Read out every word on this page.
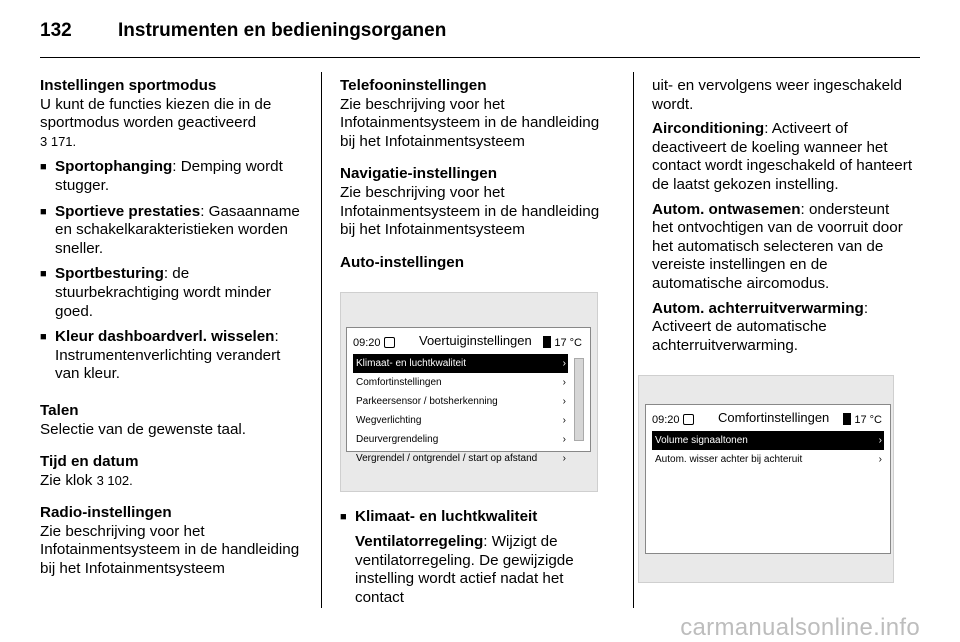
132 Instrumenten en bedieningsorganen
Instellingen sportmodus
U kunt de functies kiezen die in de sportmodus worden geactiveerd
3 171.
■ Sportophanging: Demping wordt stugger.
■ Sportieve prestaties: Gasaanname en schakelkarakteristieken worden sneller.
■ Sportbesturing: de stuurbekrachtiging wordt minder goed.
■ Kleur dashboardverl. wisselen: Instrumentenverlichting verandert van kleur.
Talen
Selectie van de gewenste taal.
Tijd en datum
Zie klok 3 102.
Radio-instellingen
Zie beschrijving voor het Infotainmentsysteem in de handleiding bij het Infotainmentsysteem
Telefooninstellingen
Zie beschrijving voor het Infotainmentsysteem in de handleiding bij het Infotainmentsysteem
Navigatie-instellingen
Zie beschrijving voor het Infotainmentsysteem in de handleiding bij het Infotainmentsysteem
Auto-instellingen
09:20	Voertuiginstellingen	17 °C
Klimaat- en luchtkwaliteit	›
Comfortinstellingen	›
Parkeersensor / botsherkenning	›
Wegverlichting	›
Deurvergrendeling	›
Vergrendel / ontgrendel / start op afstand	›
■ Klimaat- en luchtkwaliteit
Ventilatorregeling: Wijzigt de ventilatorregeling. De gewijzigde instelling wordt actief nadat het contact
uit- en vervolgens weer ingeschakeld wordt.
Airconditioning: Activeert of deactiveert de koeling wanneer het contact wordt ingeschakeld of hanteert de laatst gekozen instelling.
Autom. ontwasemen: ondersteunt het ontvochtigen van de voorruit door het automatisch selecteren van de vereiste instellingen en de automatische aircomodus.
Autom. achterruitverwarming: Activeert de automatische achterruitverwarming.
09:20	Comfortinstellingen	17 °C
Volume signaaltonen	›
Autom. wisser achter bij achteruit	›
carmanualsonline.info
